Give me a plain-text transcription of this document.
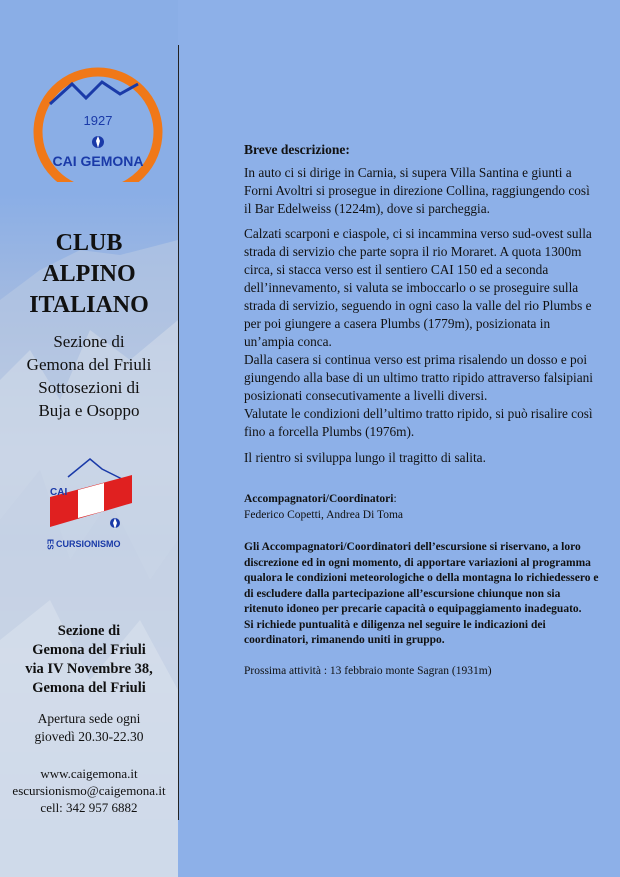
1927
CAI GEMONA
CLUB
ALPINO
ITALIANO
Sezione di
Gemona del Friuli
Sottosezioni di
Buja e Osoppo
CAI
ES CURSIONISMO
Sezione di
Gemona del Friuli
via IV Novembre 38,
Gemona del Friuli
Apertura sede ogni
giovedì 20.30-22.30
www.caigemona.it
escursionismo@caigemona.it
cell: 342 957 6882

Breve descrizione:

In auto ci si dirige in Carnia, si supera Villa Santina e giunti a Forni Avoltri si prosegue in direzione Collina, raggiungendo così il Bar Edelweiss (1224m), dove si parcheggia.

Calzati scarponi e ciaspole, ci si incammina verso sud-ovest sulla strada di servizio che parte sopra il rio Moraret. A quota 1300m circa, si stacca verso est il sentiero CAI 150 ed a seconda dell’innevamento, si valuta se imboccarlo o se proseguire sulla strada di servizio, seguendo in ogni caso la valle del rio Plumbs e per poi giungere a casera Plumbs (1779m), posizionata in un’ampia conca.

Dalla casera si continua verso est prima risalendo un dosso e poi giungendo alla base di un ultimo tratto ripido attraverso falsipiani posizionati consecutivamente a livelli diversi.

Valutate le condizioni dell’ultimo tratto ripido, si può risalire così fino a forcella Plumbs (1976m).

Il rientro si sviluppa lungo il tragitto di salita.

Accompagnatori/Coordinatori:

Federico Copetti, Andrea Di Toma

Gli Accompagnatori/Coordinatori dell’escursione si riservano, a loro discrezione ed in ogni momento, di apportare variazioni al programma qualora le condizioni meteorologiche o della montagna lo richiedessero e di escludere dalla partecipazione all’escursione chiunque non sia ritenuto idoneo per precarie capacità o equipaggiamento inadeguato.

Si richiede puntualità e diligenza nel seguire le indicazioni dei coordinatori, rimanendo uniti in gruppo.

Prossima attività : 13 febbraio monte Sagran (1931m)
